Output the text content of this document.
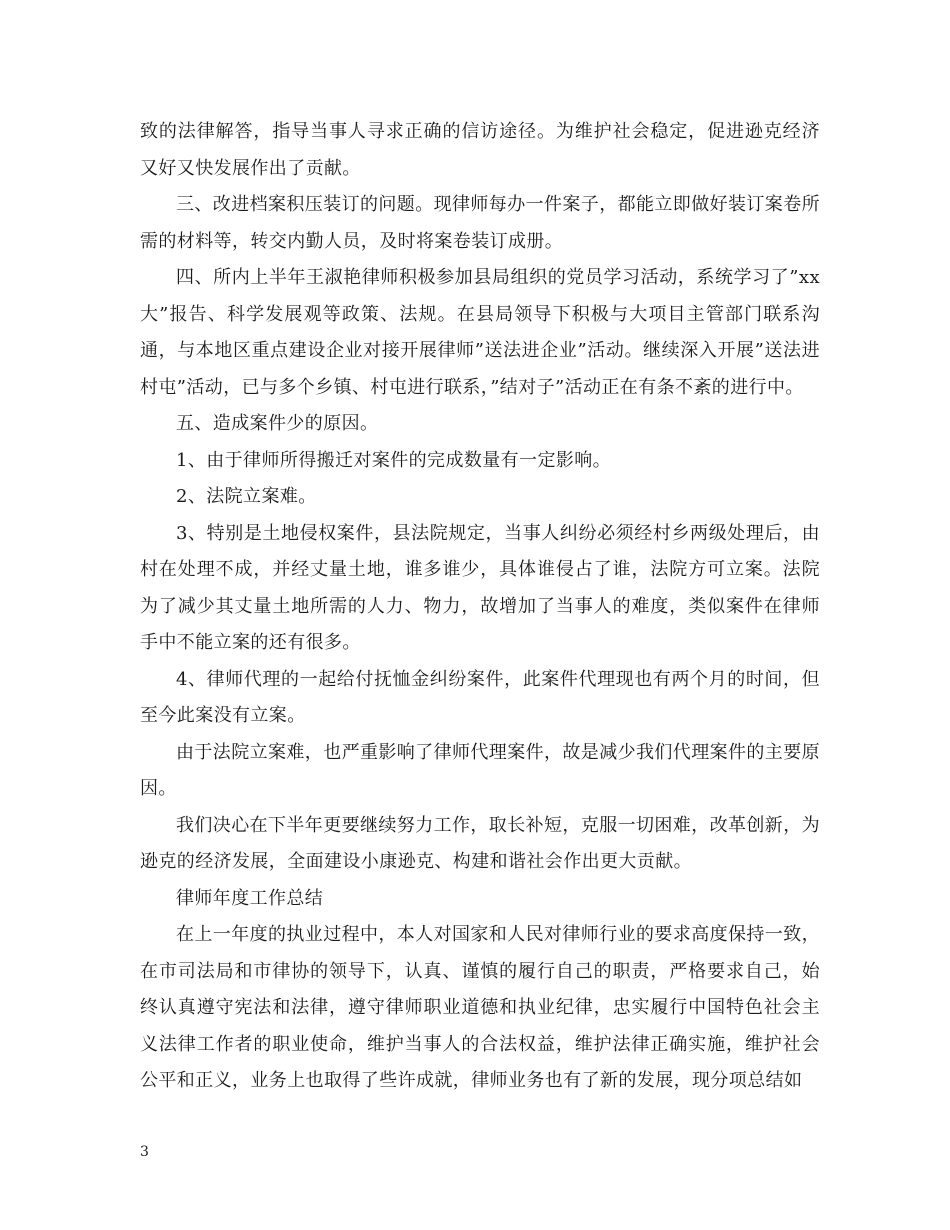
致的法律解答，指导当事人寻求正确的信访途径。为维护社会稳定，促进逊克经济又好又快发展作出了贡献。

三、改进档案积压装订的问题。现律师每办一件案子，都能立即做好装订案卷所需的材料等，转交内勤人员，及时将案卷装订成册。

四、所内上半年王淑艳律师积极参加县局组织的党员学习活动，系统学习了”xx大”报告、科学发展观等政策、法规。在县局领导下积极与大项目主管部门联系沟通，与本地区重点建设企业对接开展律师”送法进企业”活动。继续深入开展”送法进村屯”活动，已与多个乡镇、村屯进行联系，”结对子”活动正在有条不紊的进行中。

五、造成案件少的原因。

1、由于律师所得搬迁对案件的完成数量有一定影响。

2、法院立案难。

3、特别是土地侵权案件，县法院规定，当事人纠纷必须经村乡两级处理后，由村在处理不成，并经丈量土地，谁多谁少，具体谁侵占了谁，法院方可立案。法院为了减少其丈量土地所需的人力、物力，故增加了当事人的难度，类似案件在律师手中不能立案的还有很多。

4、律师代理的一起给付抚恤金纠纷案件，此案件代理现也有两个月的时间，但至今此案没有立案。

由于法院立案难，也严重影响了律师代理案件，故是减少我们代理案件的主要原因。

我们决心在下半年更要继续努力工作，取长补短，克服一切困难，改革创新，为逊克的经济发展，全面建设小康逊克、构建和谐社会作出更大贡献。

律师年度工作总结

在上一年度的执业过程中，本人对国家和人民对律师行业的要求高度保持一致，在市司法局和市律协的领导下，认真、谨慎的履行自己的职责，严格要求自己，始终认真遵守宪法和法律，遵守律师职业道德和执业纪律，忠实履行中国特色社会主义法律工作者的职业使命，维护当事人的合法权益，维护法律正确实施，维护社会公平和正义，业务上也取得了些许成就，律师业务也有了新的发展，现分项总结如

3
